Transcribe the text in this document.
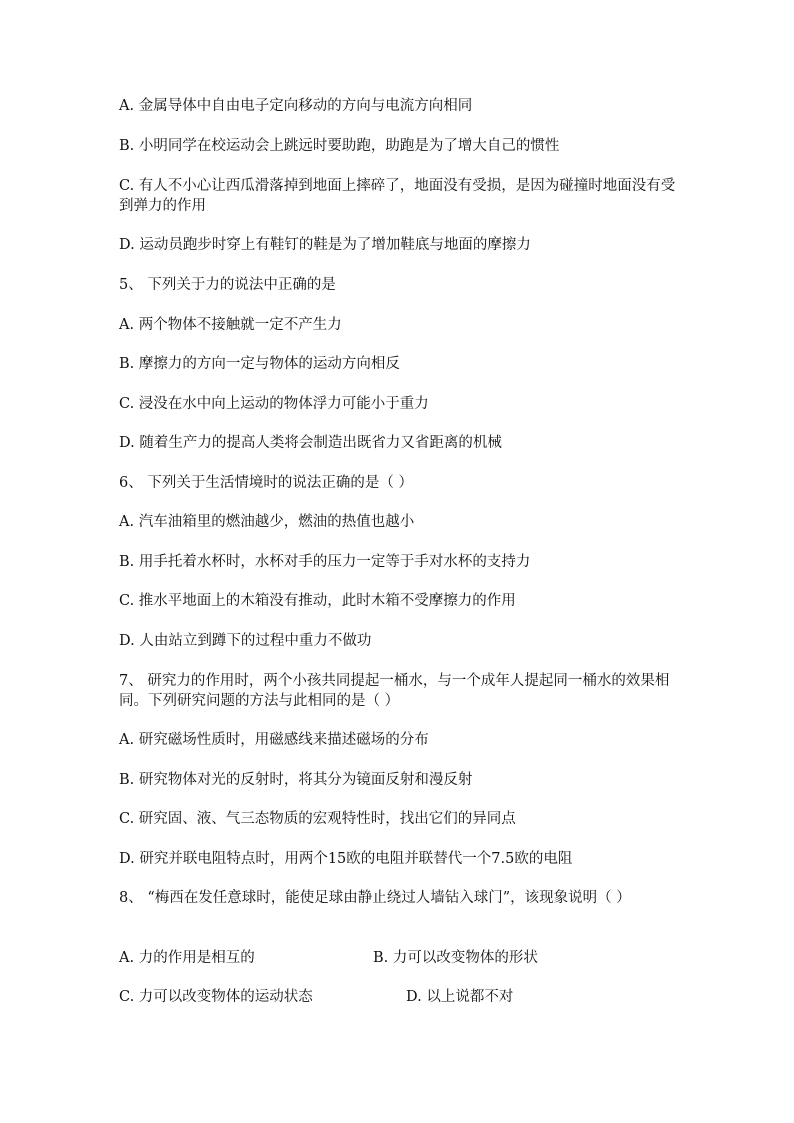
A. 金属导体中自由电子定向移动的方向与电流方向相同
B. 小明同学在校运动会上跳远时要助跑，助跑是为了增大自己的惯性
C. 有人不小心让西瓜滑落掉到地面上摔碎了，地面没有受损，是因为碰撞时地面没有受到弹力的作用
D. 运动员跑步时穿上有鞋钉的鞋是为了增加鞋底与地面的摩擦力
5、 下列关于力的说法中正确的是
A. 两个物体不接触就一定不产生力
B. 摩擦力的方向一定与物体的运动方向相反
C. 浸没在水中向上运动的物体浮力可能小于重力
D. 随着生产力的提高人类将会制造出既省力又省距离的机械
6、 下列关于生活情境时的说法正确的是（ ）
A. 汽车油箱里的燃油越少，燃油的热值也越小
B. 用手托着水杯时，水杯对手的压力一定等于手对水杯的支持力
C. 推水平地面上的木箱没有推动，此时木箱不受摩擦力的作用
D. 人由站立到蹲下的过程中重力不做功
7、 研究力的作用时，两个小孩共同提起一桶水，与一个成年人提起同一桶水的效果相同。下列研究问题的方法与此相同的是（ ）
A. 研究磁场性质时，用磁感线来描述磁场的分布
B. 研究物体对光的反射时，将其分为镜面反射和漫反射
C. 研究固、液、气三态物质的宏观特性时，找出它们的异同点
D. 研究并联电阻特点时，用两个15欧的电阻并联替代一个7.5欧的电阻
8、 “梅西在发任意球时，能使足球由静止绕过人墙钻入球门”，该现象说明（ ）
A. 力的作用是相互的	B. 力可以改变物体的形状
C. 力可以改变物体的运动状态	D. 以上说都不对
